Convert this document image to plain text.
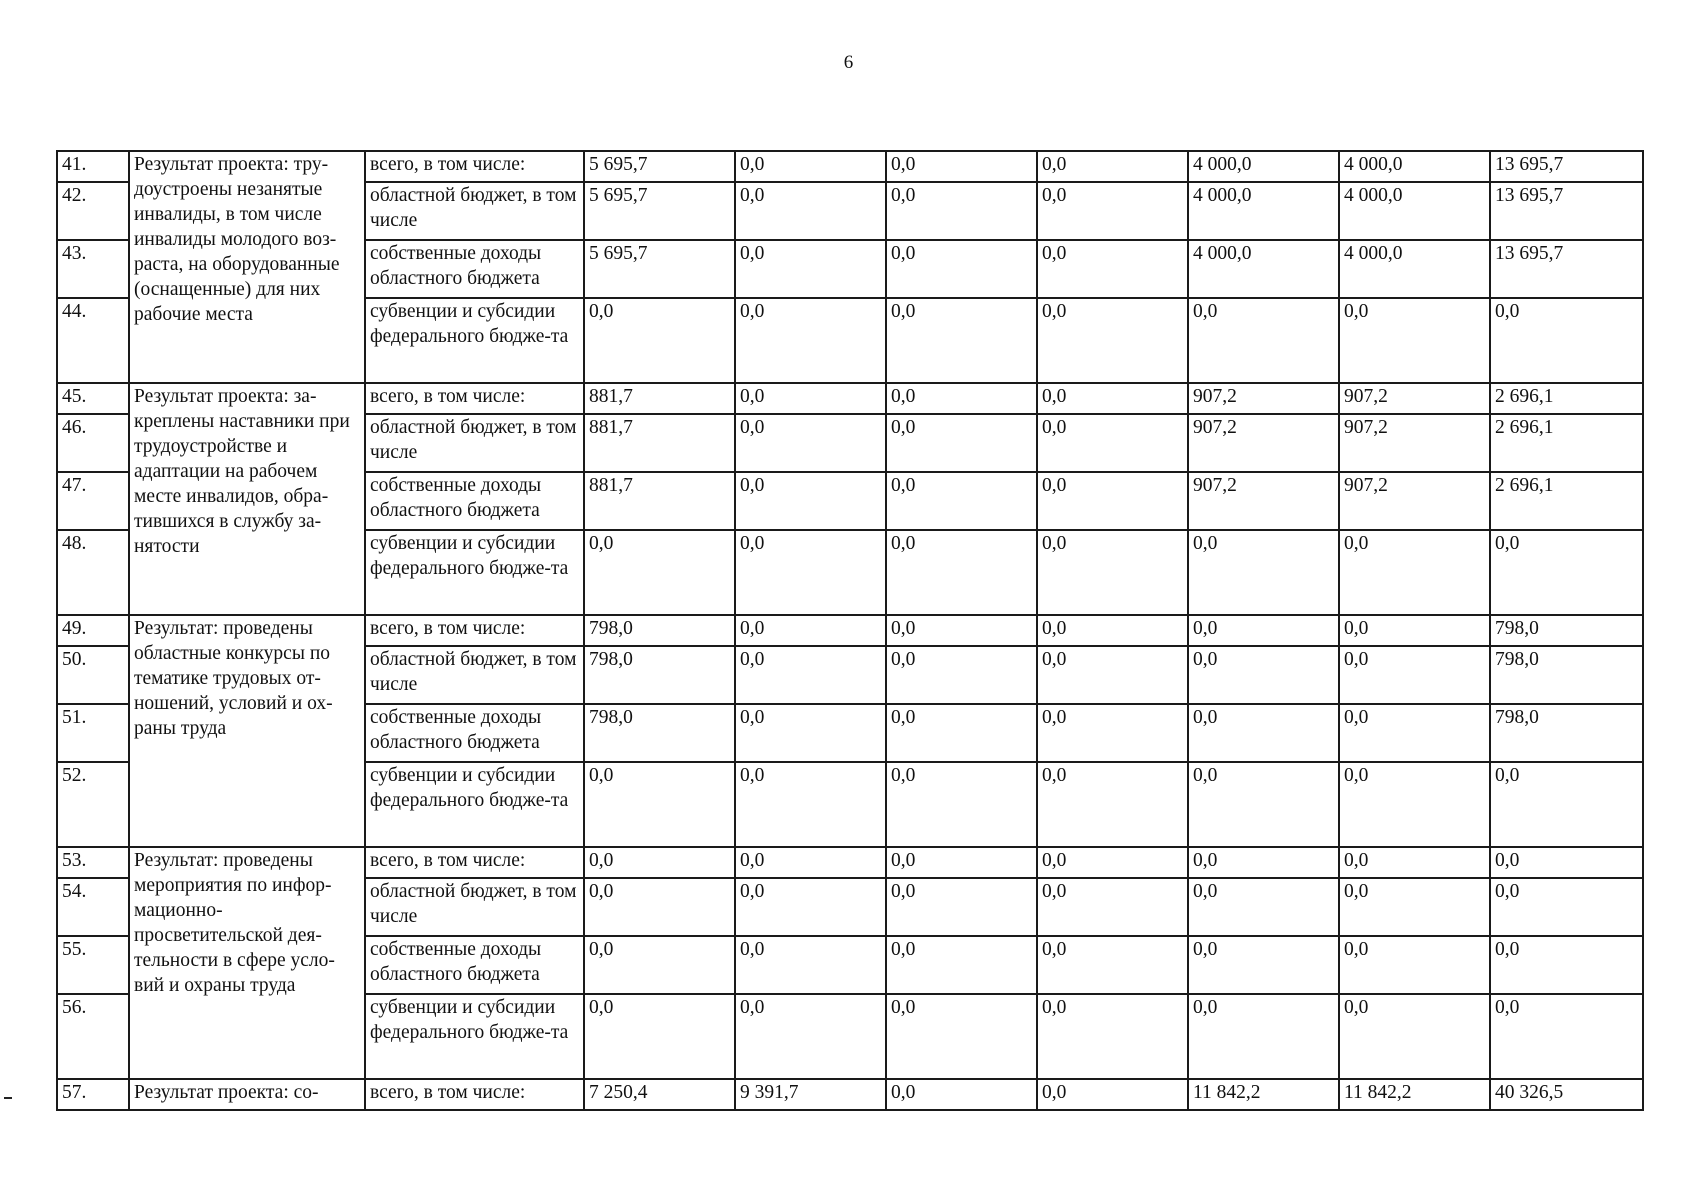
6
41.	Результат проекта: тру-доустроены незанятые инвалиды, в том числе инвалиды молодого воз-раста, на оборудованные (оснащенные) для них рабочие места	всего, в том числе:	5 695,7	0,0	0,0	0,0	4 000,0	4 000,0	13 695,7
42.		областной бюджет, в том числе	5 695,7	0,0	0,0	0,0	4 000,0	4 000,0	13 695,7
43.		собственные доходы областного бюджета	5 695,7	0,0	0,0	0,0	4 000,0	4 000,0	13 695,7
44.		субвенции и субсидии федерального бюдже-та	0,0	0,0	0,0	0,0	0,0	0,0	0,0
45.	Результат проекта: за-креплены наставники при трудоустройстве и адаптации на рабочем месте инвалидов, обра-тившихся в службу за-нятости	всего, в том числе:	881,7	0,0	0,0	0,0	907,2	907,2	2 696,1
46.		областной бюджет, в том числе	881,7	0,0	0,0	0,0	907,2	907,2	2 696,1
47.		собственные доходы областного бюджета	881,7	0,0	0,0	0,0	907,2	907,2	2 696,1
48.		субвенции и субсидии федерального бюдже-та	0,0	0,0	0,0	0,0	0,0	0,0	0,0
49.	Результат: проведены областные конкурсы по тематике трудовых от-ношений, условий и ох-раны труда	всего, в том числе:	798,0	0,0	0,0	0,0	0,0	0,0	798,0
50.		областной бюджет, в том числе	798,0	0,0	0,0	0,0	0,0	0,0	798,0
51.		собственные доходы областного бюджета	798,0	0,0	0,0	0,0	0,0	0,0	798,0
52.		субвенции и субсидии федерального бюдже-та	0,0	0,0	0,0	0,0	0,0	0,0	0,0
53.	Результат: проведены мероприятия по инфор-мационно-просветительской дея-тельности в сфере усло-вий и охраны труда	всего, в том числе:	0,0	0,0	0,0	0,0	0,0	0,0	0,0
54.		областной бюджет, в том числе	0,0	0,0	0,0	0,0	0,0	0,0	0,0
55.		собственные доходы областного бюджета	0,0	0,0	0,0	0,0	0,0	0,0	0,0
56.		субвенции и субсидии федерального бюдже-та	0,0	0,0	0,0	0,0	0,0	0,0	0,0
57.	Результат проекта: со-	всего, в том числе:	7 250,4	9 391,7	0,0	0,0	11 842,2	11 842,2	40 326,5
